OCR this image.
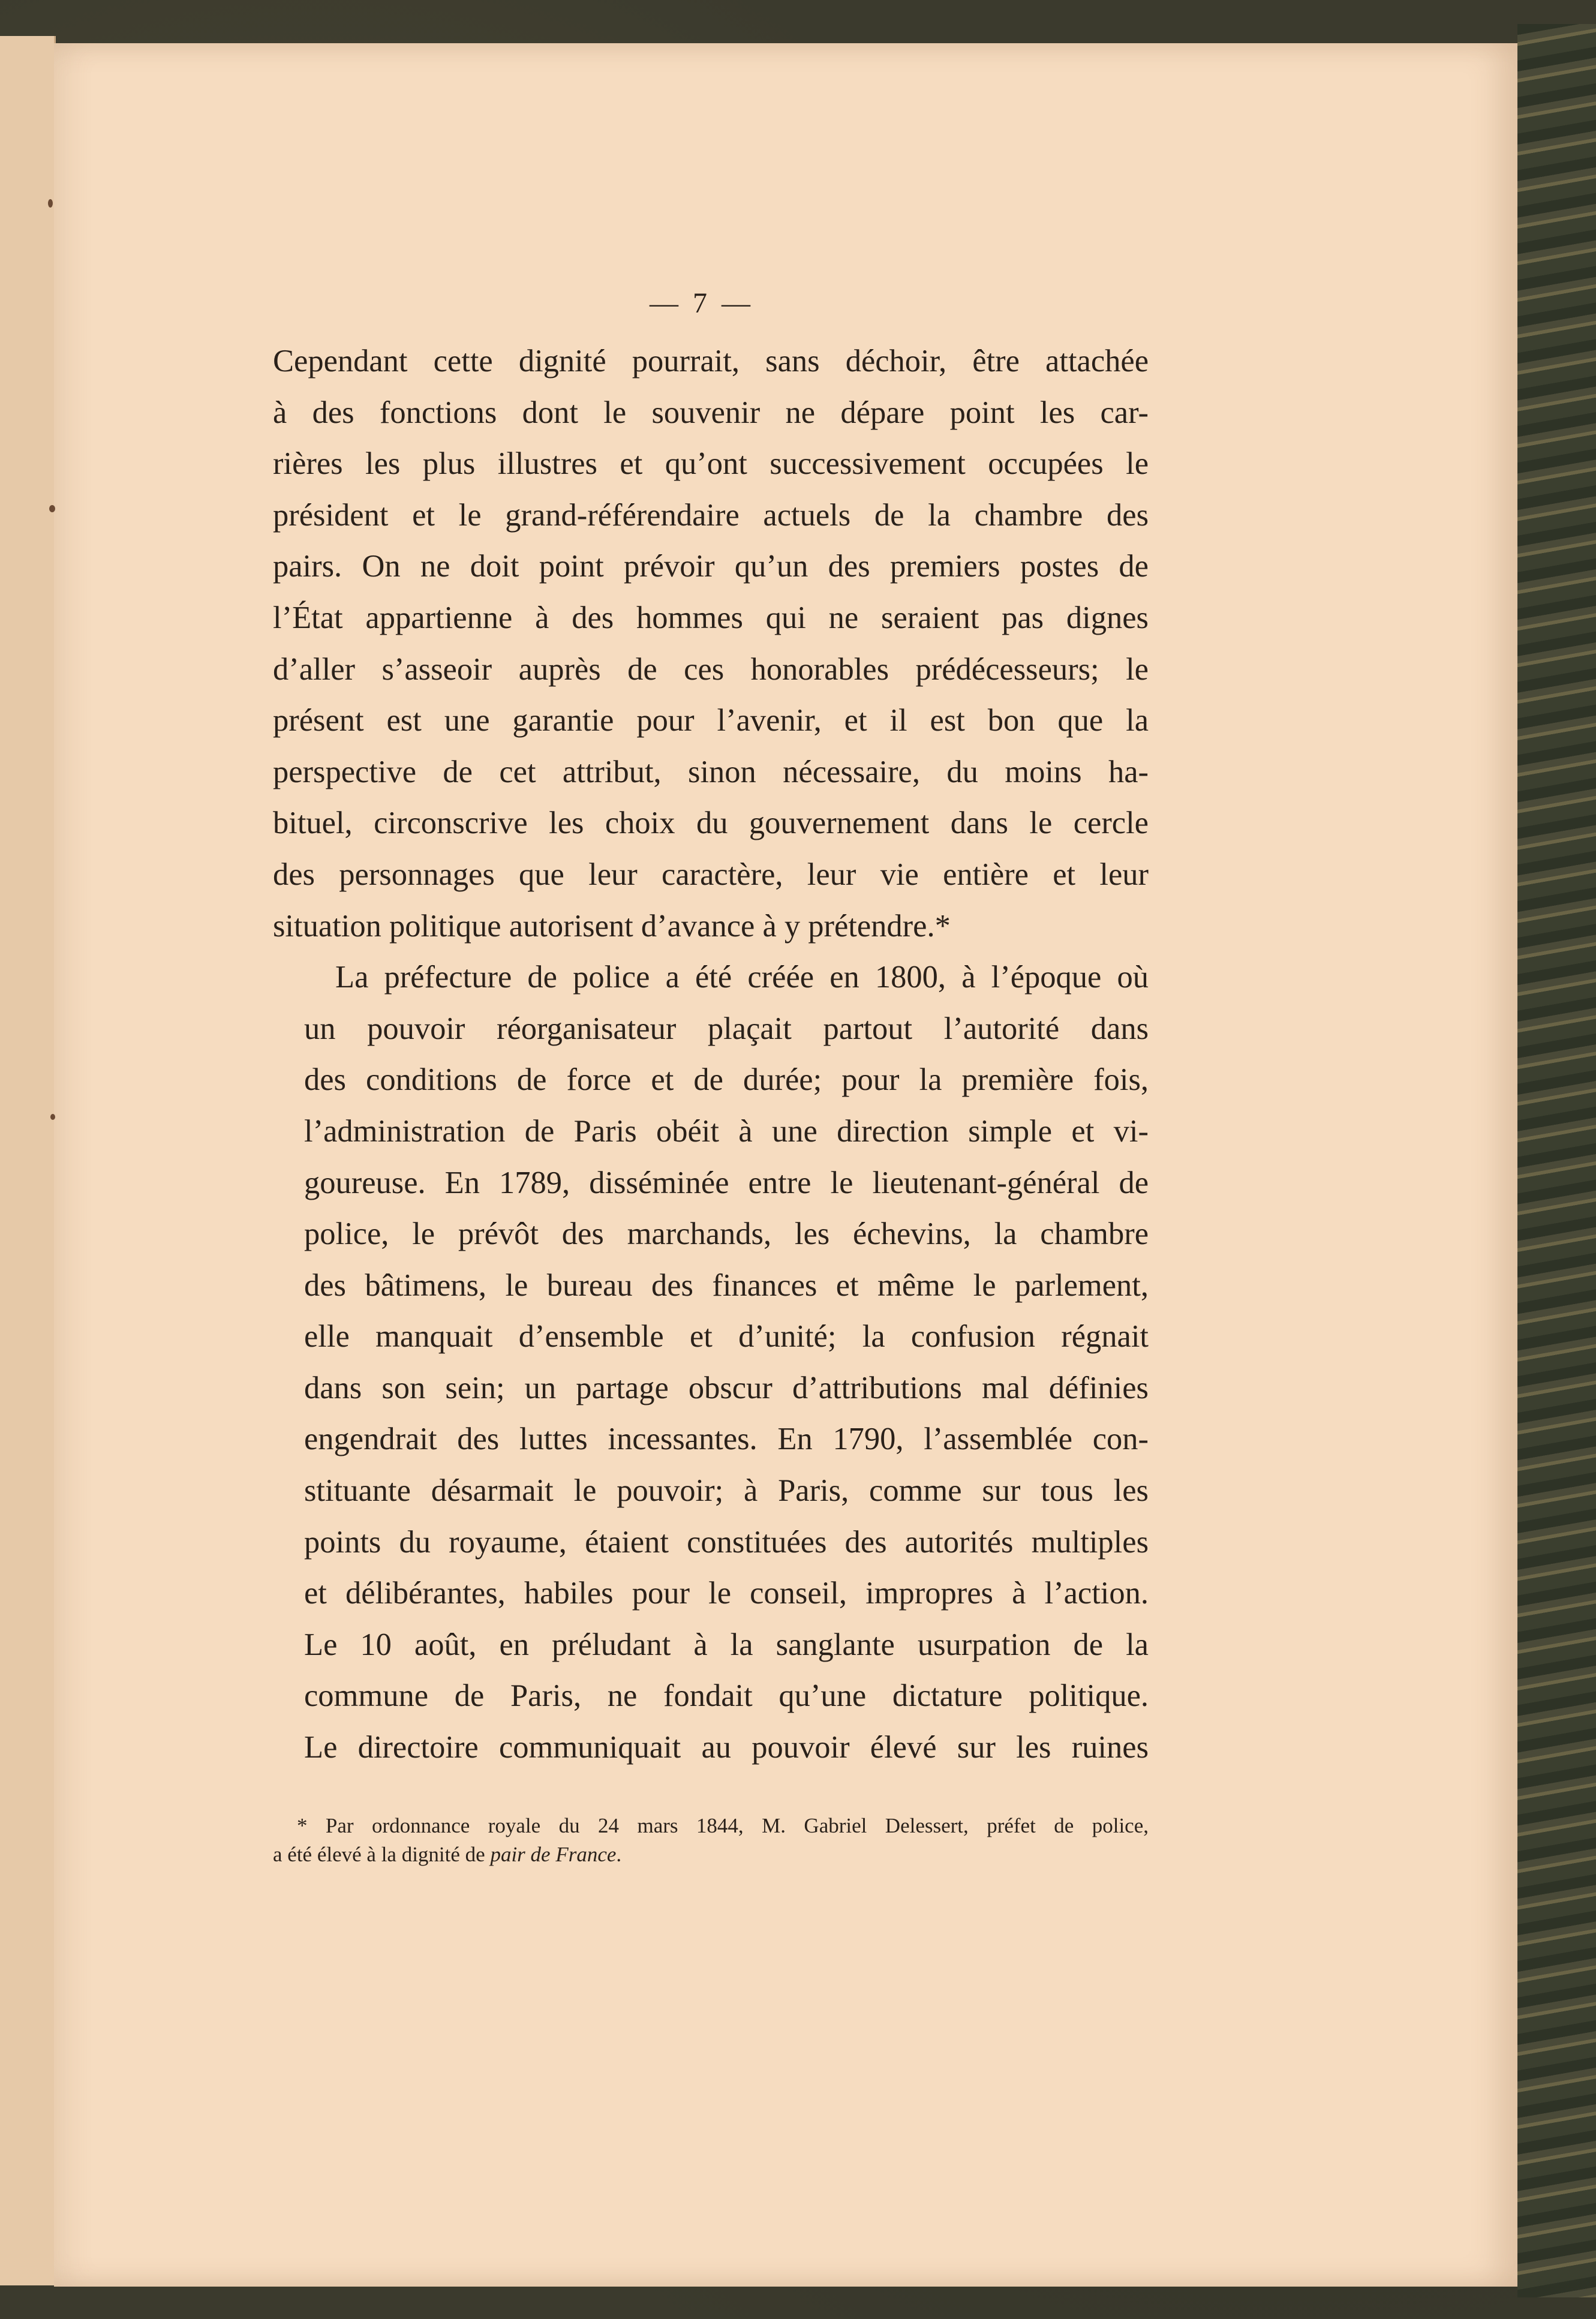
— 7 —

Cependant cette dignité pourrait, sans déchoir, être attachée
à des fonctions dont le souvenir ne dépare point les car-
rières les plus illustres et qu’ont successivement occupées le
président et le grand-référendaire actuels de la chambre des
pairs. On ne doit point prévoir qu’un des premiers postes de
l’État appartienne à des hommes qui ne seraient pas dignes
d’aller s’asseoir auprès de ces honorables prédécesseurs; le
présent est une garantie pour l’avenir, et il est bon que la
perspective de cet attribut, sinon nécessaire, du moins ha-
bituel, circonscrive les choix du gouvernement dans le cercle
des personnages que leur caractère, leur vie entière et leur
situation politique autorisent d’avance à y prétendre.*

La préfecture de police a été créée en 1800, à l’époque où
un pouvoir réorganisateur plaçait partout l’autorité dans
des conditions de force et de durée; pour la première fois,
l’administration de Paris obéit à une direction simple et vi-
goureuse. En 1789, disséminée entre le lieutenant-général de
police, le prévôt des marchands, les échevins, la chambre
des bâtimens, le bureau des finances et même le parlement,
elle manquait d’ensemble et d’unité; la confusion régnait
dans son sein; un partage obscur d’attributions mal définies
engendrait des luttes incessantes. En 1790, l’assemblée con-
stituante désarmait le pouvoir; à Paris, comme sur tous les
points du royaume, étaient constituées des autorités multiples
et délibérantes, habiles pour le conseil, impropres à l’action.
Le 10 août, en préludant à la sanglante usurpation de la
commune de Paris, ne fondait qu’une dictature politique.
Le directoire communiquait au pouvoir élevé sur les ruines

* Par ordonnance royale du 24 mars 1844, M. Gabriel Delessert, préfet de police,
a été élevé à la dignité de pair de France.
